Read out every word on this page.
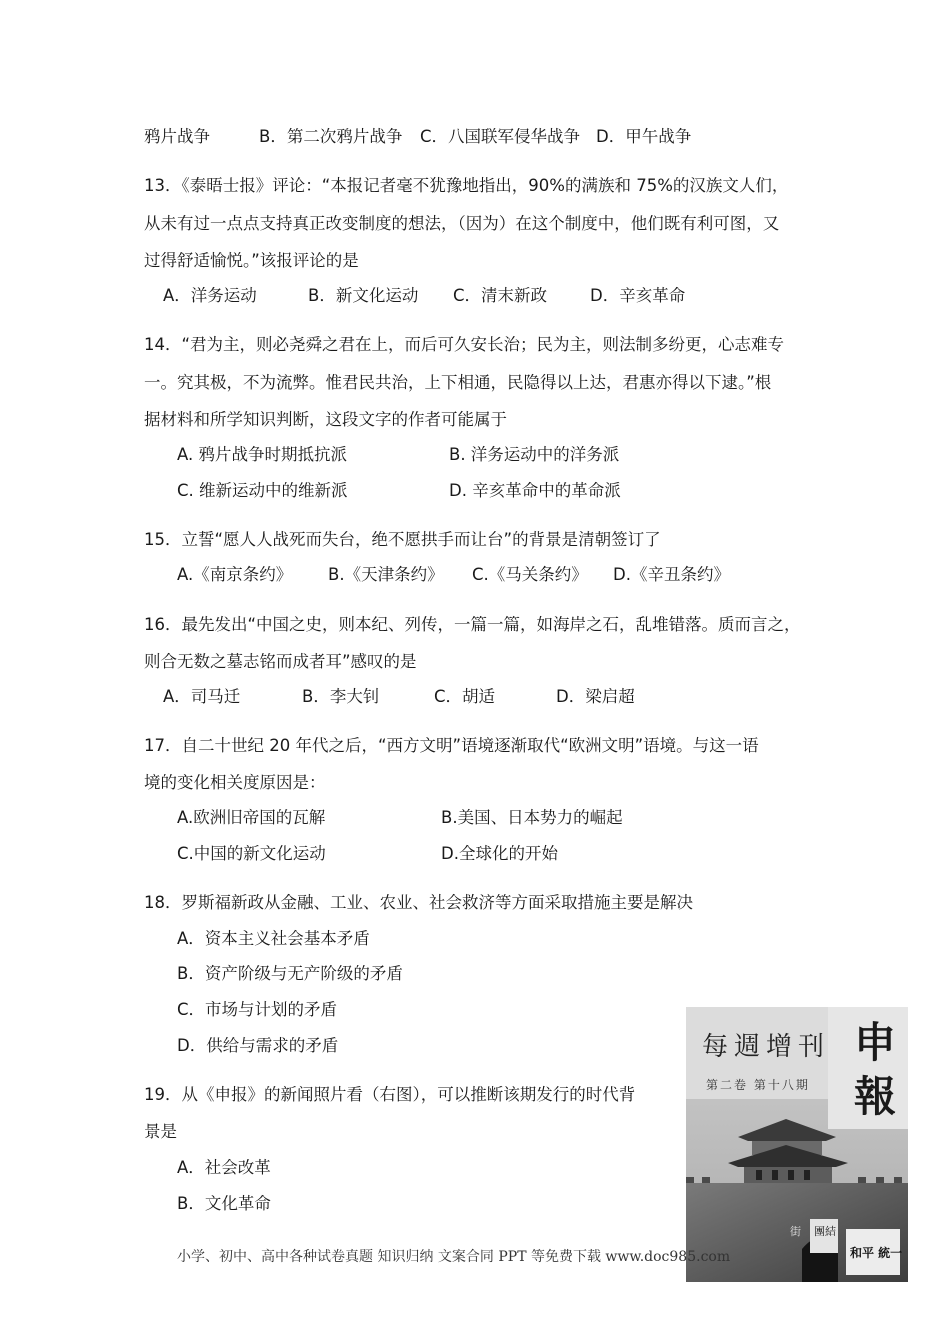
鸦片战争	B．第二次鸦片战争 C．八国联军侵华战争 D．甲午战争
13．《泰晤士报》评论：“本报记者毫不犹豫地指出，90%的满族和 75%的汉族文人们，
从未有过一点点支持真正改变制度的想法，（因为）在这个制度中，他们既有利可图，又
过得舒适愉悦。”该报评论的是
A．洋务运动	B．新文化运动 C．清末新政	D．辛亥革命
14．“君为主，则必尧舜之君在上，而后可久安长治；民为主，则法制多纷更，心志难专
一。究其极，不为流弊。惟君民共治，上下相通，民隐得以上达，君惠亦得以下逮。”根
据材料和所学知识判断，这段文字的作者可能属于
A. 鸦片战争时期抵抗派	B. 洋务运动中的洋务派
C. 维新运动中的维新派	D. 辛亥革命中的革命派
15．立誓“愿人人战死而失台，绝不愿拱手而让台”的背景是清朝签订了
A.《南京条约》 B.《天津条约》 C.《马关条约》 D.《辛丑条约》
16．最先发出“中国之史，则本纪、列传，一篇一篇，如海岸之石，乱堆错落。质而言之，
则合无数之墓志铭而成者耳”感叹的是
A．司马迁	B．李大钊	C．胡适	D．梁启超
17．自二十世纪 20 年代之后，“西方文明”语境逐渐取代“欧洲文明”语境。与这一语
境的变化相关度原因是：
A.欧洲旧帝国的瓦解	B.美国、日本势力的崛起
C.中国的新文化运动	D.全球化的开始
18．罗斯福新政从金融、工业、农业、社会救济等方面采取措施主要是解决
A．资本主义社会基本矛盾
B．资产阶级与无产阶级的矛盾
C．市场与计划的矛盾
D．供给与需求的矛盾
19．从《申报》的新闻照片看（右图），可以推断该期发行的时代背
景是
A．社会改革
B．文化革命
申
報
每週增刊
第二卷 第十八期
團結
街
和平 統一
小学、初中、高中各种试卷真题 知识归纳 文案合同 PPT 等免费下载 www.doc985.com
